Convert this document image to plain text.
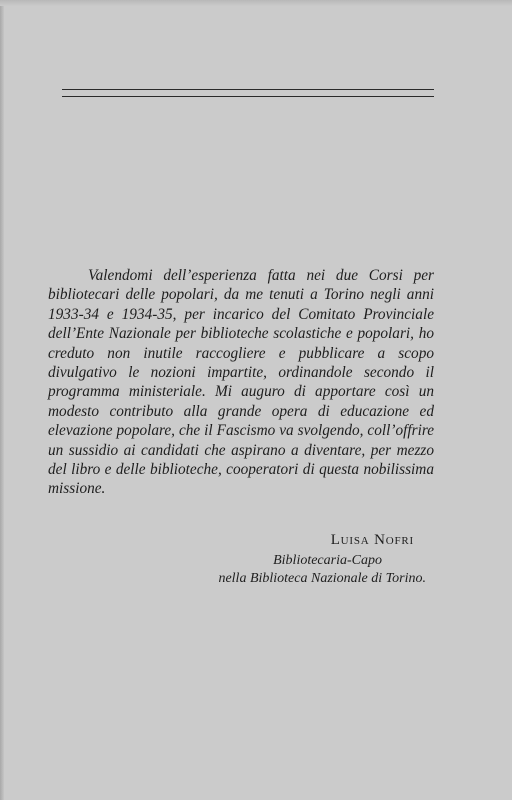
Valendomi dell’esperienza fatta nei due Corsi per bibliotecari delle popolari, da me tenuti a Torino negli anni 1933-34 e 1934-35, per incarico del Comitato Provinciale dell’Ente Nazionale per biblioteche scolastiche e popolari, ho creduto non inutile raccogliere e pubblicare a scopo divulgativo le nozioni impartite, ordinandole secondo il programma ministeriale. Mi auguro di apportare così un modesto contributo alla grande opera di educazione ed elevazione popolare, che il Fascismo va svolgendo, coll’offrire un sussidio ai candidati che aspirano a diventare, per mezzo del libro e delle biblioteche, cooperatori di questa nobilissima missione.

Luisa Nofri
Bibliotecaria-Capo
nella Biblioteca Nazionale di Torino.
